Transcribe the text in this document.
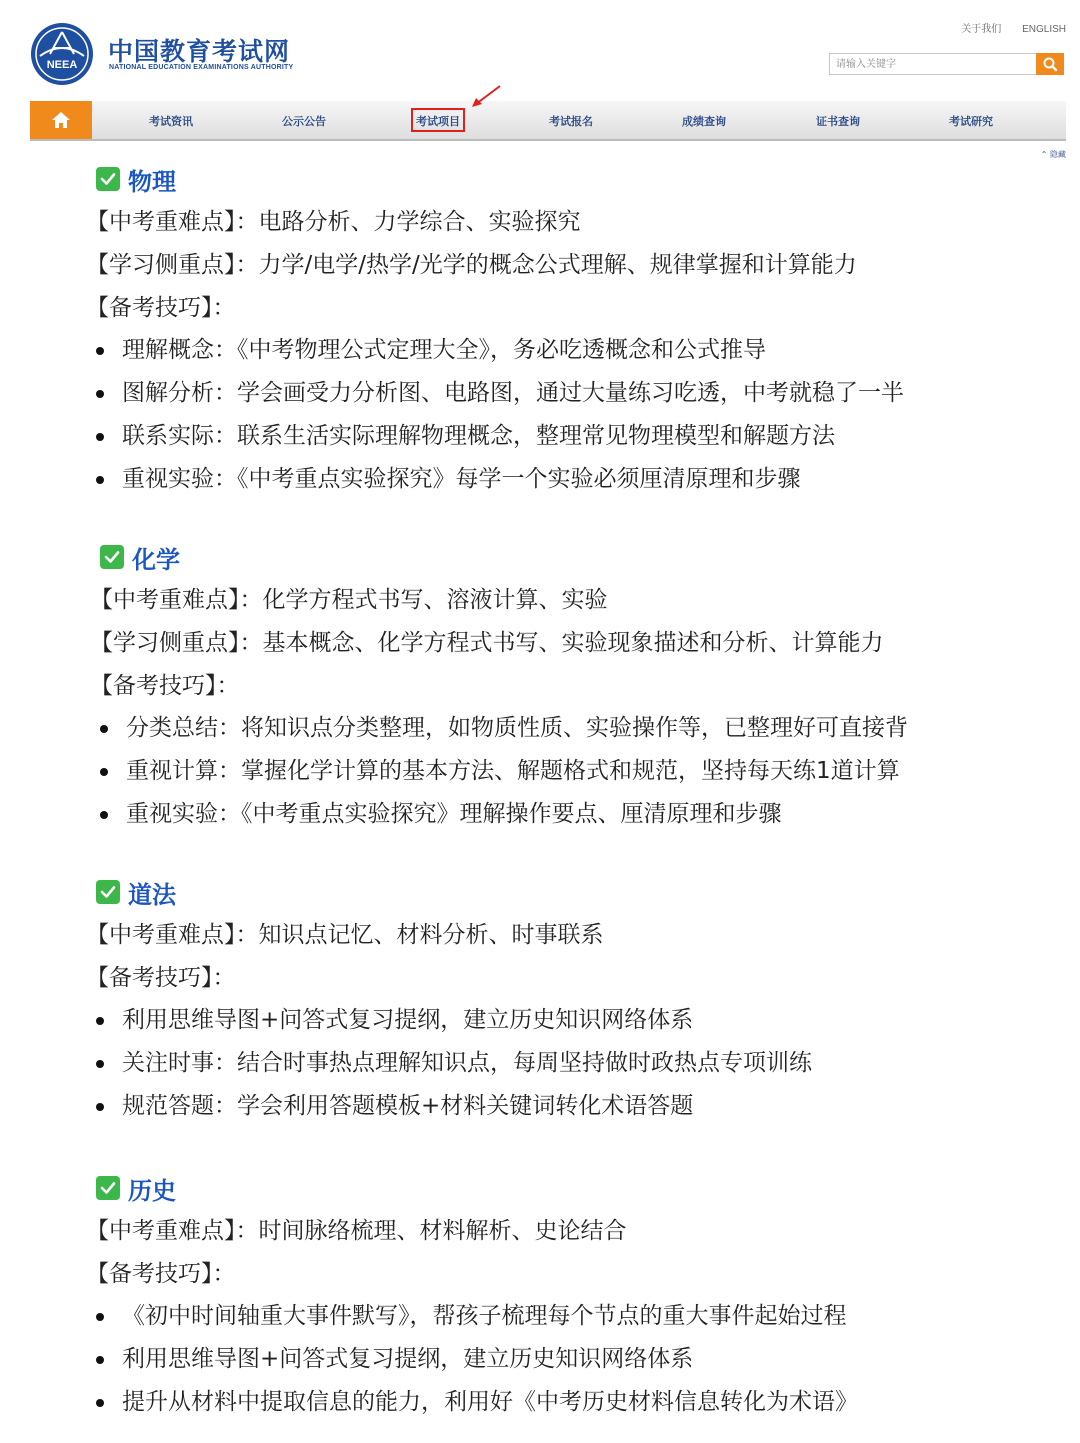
NEEA 中国教育考试网
NATIONAL EDUCATION EXAMINATIONS AUTHORITY
关于我们 ENGLISH
请输入关键字
考试资讯	公示公告	考试项目	考试报名	成绩查询	证书查询	考试研究
⌃ 隐藏
物理
【中考重难点】：电路分析、力学综合、实验探究
【学习侧重点】：力学/电学/热学/光学的概念公式理解、规律掌握和计算能力
【备考技巧】：
理解概念：《中考物理公式定理大全》，务必吃透概念和公式推导
图解分析：学会画受力分析图、电路图，通过大量练习吃透，中考就稳了一半
联系实际：联系生活实际理解物理概念，整理常见物理模型和解题方法
重视实验：《中考重点实验探究》每学一个实验必须厘清原理和步骤
化学
【中考重难点】：化学方程式书写、溶液计算、实验
【学习侧重点】：基本概念、化学方程式书写、实验现象描述和分析、计算能力
【备考技巧】：
分类总结：将知识点分类整理，如物质性质、实验操作等，已整理好可直接背
重视计算：掌握化学计算的基本方法、解题格式和规范，坚持每天练1道计算
重视实验：《中考重点实验探究》理解操作要点、厘清原理和步骤
道法
【中考重难点】：知识点记忆、材料分析、时事联系
【备考技巧】：
利用思维导图+问答式复习提纲，建立历史知识网络体系
关注时事：结合时事热点理解知识点，每周坚持做时政热点专项训练
规范答题：学会利用答题模板+材料关键词转化术语答题
历史
【中考重难点】：时间脉络梳理、材料解析、史论结合
【备考技巧】：
《初中时间轴重大事件默写》，帮孩子梳理每个节点的重大事件起始过程
利用思维导图+问答式复习提纲，建立历史知识网络体系
提升从材料中提取信息的能力，利用好《中考历史材料信息转化为术语》
